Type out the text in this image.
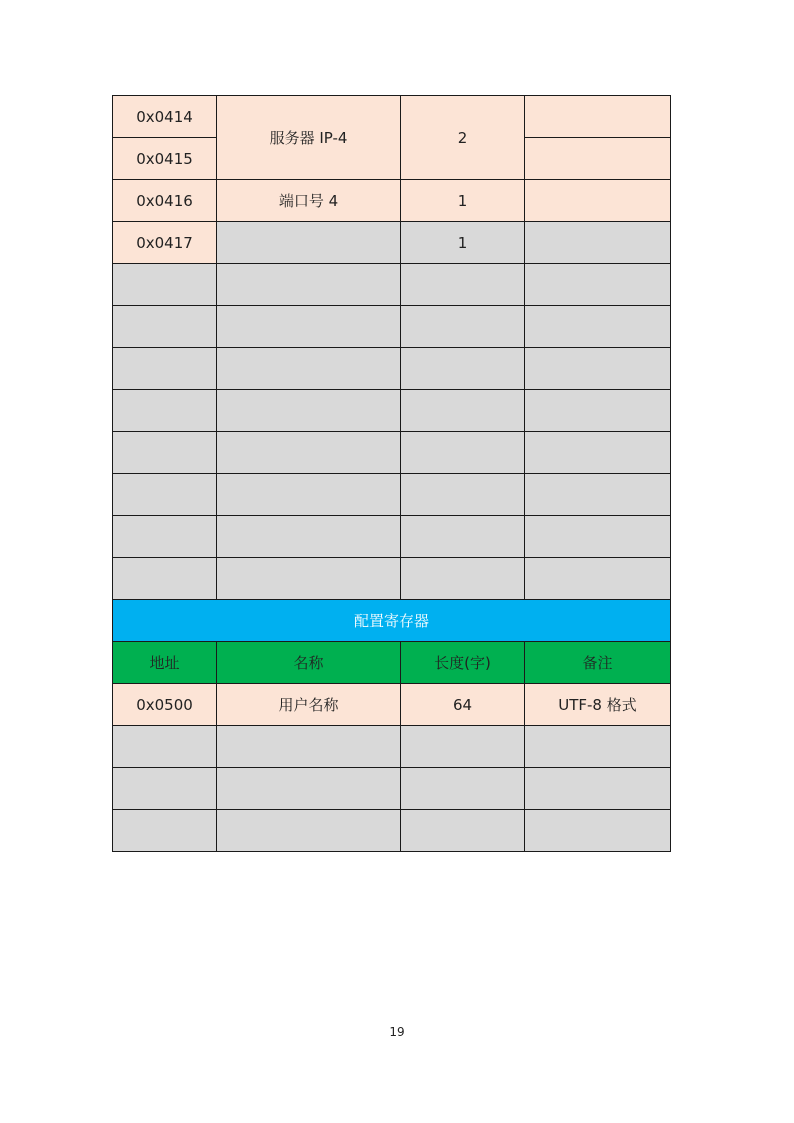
0x0414	服务器 IP-4	2	
0x0415			
0x0416	端口号 4	1	
0x0417		1	

配置寄存器			
地址	名称	长度(字)	备注
0x0500	用户名称	64	UTF-8 格式

19
